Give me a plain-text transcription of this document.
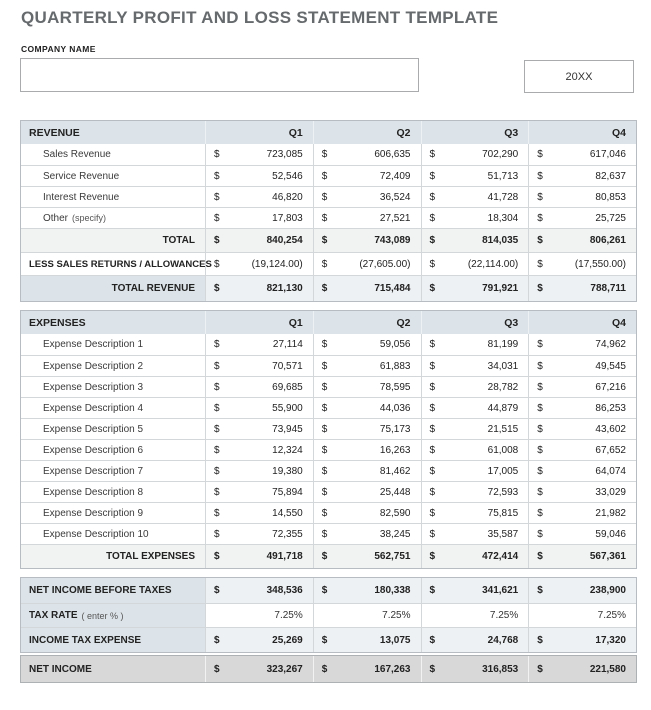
QUARTERLY PROFIT AND LOSS STATEMENT TEMPLATE
COMPANY NAME
20XX
REVENUE	Q1	Q2	Q3	Q4
Sales Revenue	$	723,085 $	606,635 $	702,290 $	617,046
Service Revenue	$	52,546 $	72,409 $	51,713 $	82,637
Interest Revenue	$	46,820 $	36,524 $	41,728 $	80,853
Other (specify)	$	17,803 $	27,521 $	18,304 $	25,725
TOTAL $	840,254 $	743,089 $	814,035 $	806,261
LESS SALES RETURNS / ALLOWANCES $	(19,124.00) $	(27,605.00) $	(22,114.00) $	(17,550.00)
TOTAL REVENUE $	821,130 $	715,484 $	791,921 $	788,711
EXPENSES	Q1	Q2	Q3	Q4
Expense Description 1	$	27,114 $	59,056 $	81,199 $	74,962
Expense Description 2	$	70,571 $	61,883 $	34,031 $	49,545
Expense Description 3	$	69,685 $	78,595 $	28,782 $	67,216
Expense Description 4	$	55,900 $	44,036 $	44,879 $	86,253
Expense Description 5	$	73,945 $	75,173 $	21,515 $	43,602
Expense Description 6	$	12,324 $	16,263 $	61,008 $	67,652
Expense Description 7	$	19,380 $	81,462 $	17,005 $	64,074
Expense Description 8	$	75,894 $	25,448 $	72,593 $	33,029
Expense Description 9	$	14,550 $	82,590 $	75,815 $	21,982
Expense Description 10	$	72,355 $	38,245 $	35,587 $	59,046
TOTAL EXPENSES $	491,718 $	562,751 $	472,414 $	567,361
NET INCOME BEFORE TAXES	$	348,536 $	180,338 $	341,621 $	238,900
TAX RATE ( enter % )	7.25%	7.25%	7.25%	7.25%
INCOME TAX EXPENSE	$	25,269 $	13,075 $	24,768 $	17,320
NET INCOME	$	323,267 $	167,263 $	316,853 $	221,580
